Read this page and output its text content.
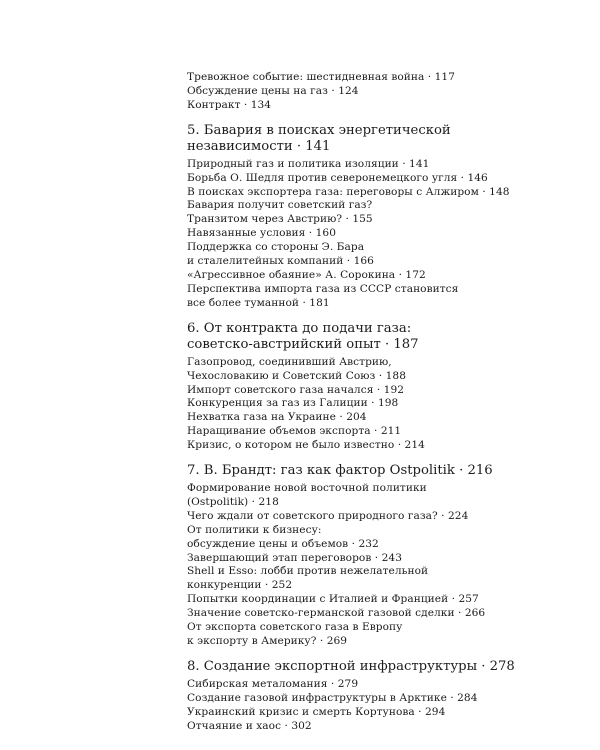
Тревожное событие: шестидневная война · 117
Обсуждение цены на газ · 124
Контракт · 134
5. Бавария в поисках энергетической
независимости · 141
Природный газ и политика изоляции · 141
Борьба О. Шедля против северонемецкого угля · 146
В поисках экспортера газа: переговоры с Алжиром · 148
Бавария получит советский газ?
Транзитом через Австрию? · 155
Навязанные условия · 160
Поддержка со стороны Э. Бара
и сталелитейных компаний · 166
«Агрессивное обаяние» А. Сорокина · 172
Перспектива импорта газа из СССР становится
все более туманной · 181
6. От контракта до подачи газа:
советско-австрийский опыт · 187
Газопровод, соединивший Австрию,
Чехословакию и Советский Союз · 188
Импорт советского газа начался · 192
Конкуренция за газ из Галиции · 198
Нехватка газа на Украине · 204
Наращивание объемов экспорта · 211
Кризис, о котором не было известно · 214
7. В. Брандт: газ как фактор Ostpolitik · 216
Формирование новой восточной политики
(Ostpolitik) · 218
Чего ждали от советского природного газа? · 224
От политики к бизнесу:
обсуждение цены и объемов · 232
Завершающий этап переговоров · 243
Shell и Esso: лобби против нежелательной
конкуренции · 252
Попытки координации с Италией и Францией · 257
Значение советско-германской газовой сделки · 266
От экспорта советского газа в Европу
к экспорту в Америку? · 269
8. Создание экспортной инфраструктуры · 278
Сибирская металомания · 279
Создание газовой инфраструктуры в Арктике · 284
Украинский кризис и смерть Кортунова · 294
Отчаяние и хаос · 302
